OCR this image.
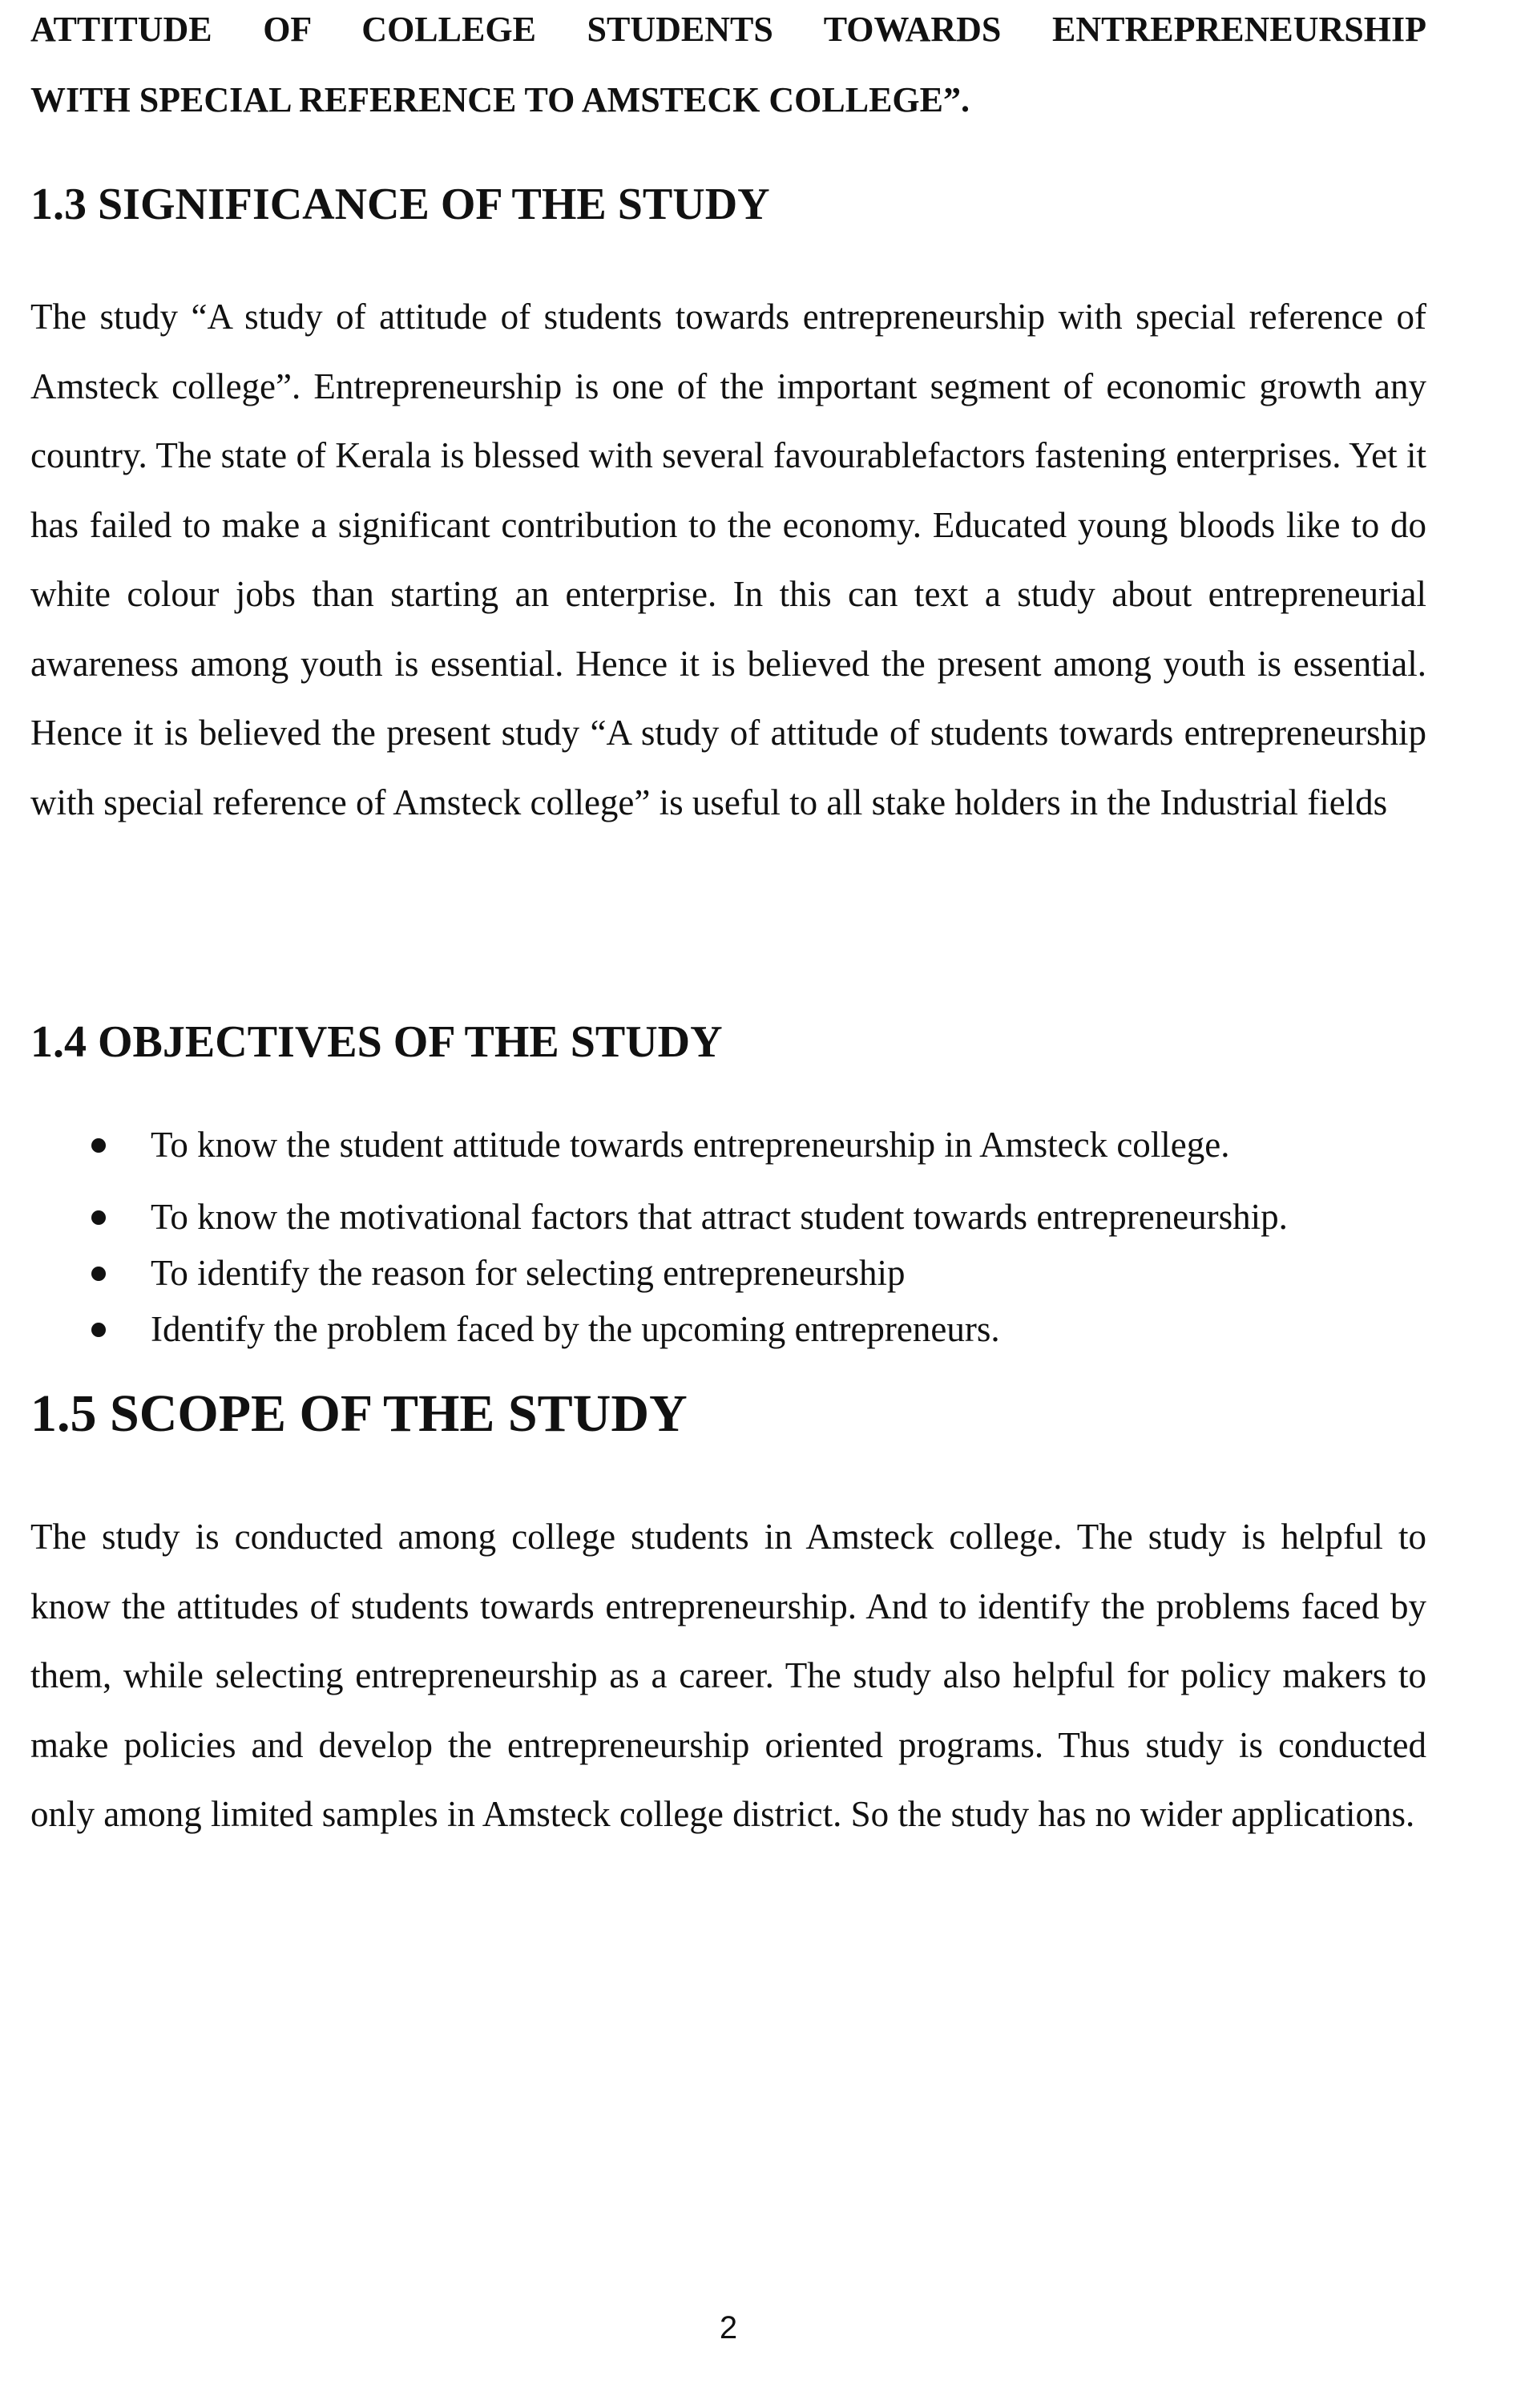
ATTITUDE OF COLLEGE STUDENTS TOWARDS ENTREPRENEURSHIP

WITH SPECIAL REFERENCE TO AMSTECK COLLEGE”.

1.3 SIGNIFICANCE OF THE STUDY

The study “A study of attitude of students towards entrepreneurship with special reference of Amsteck college”. Entrepreneurship is one of the important segment of economic growth any country. The state of Kerala is blessed with several favourablefactors fastening enterprises. Yet it has failed to make a significant contribution to the economy. Educated young bloods like to do white colour jobs than starting an enterprise. In this can text a study about entrepreneurial awareness among youth is essential. Hence it is believed the present among youth is essential. Hence it is believed the present study “A study of attitude of students towards entrepreneurship with special reference of Amsteck college” is useful to all stake holders in the Industrial fields

1.4 OBJECTIVES OF THE STUDY
To know the student attitude towards entrepreneurship in Amsteck college.
To know the motivational factors that attract student towards entrepreneurship.
To identify the reason for selecting entrepreneurship
Identify the problem faced by the upcoming entrepreneurs.
1.5 SCOPE OF THE STUDY

The study is conducted among college students in Amsteck college. The study is helpful to know the attitudes of students towards entrepreneurship. And to identify the problems faced by them, while selecting entrepreneurship as a career. The study also helpful for policy makers to make policies and develop the entrepreneurship oriented programs. Thus study is conducted only among limited samples in Amsteck college district. So the study has no wider applications.

2
